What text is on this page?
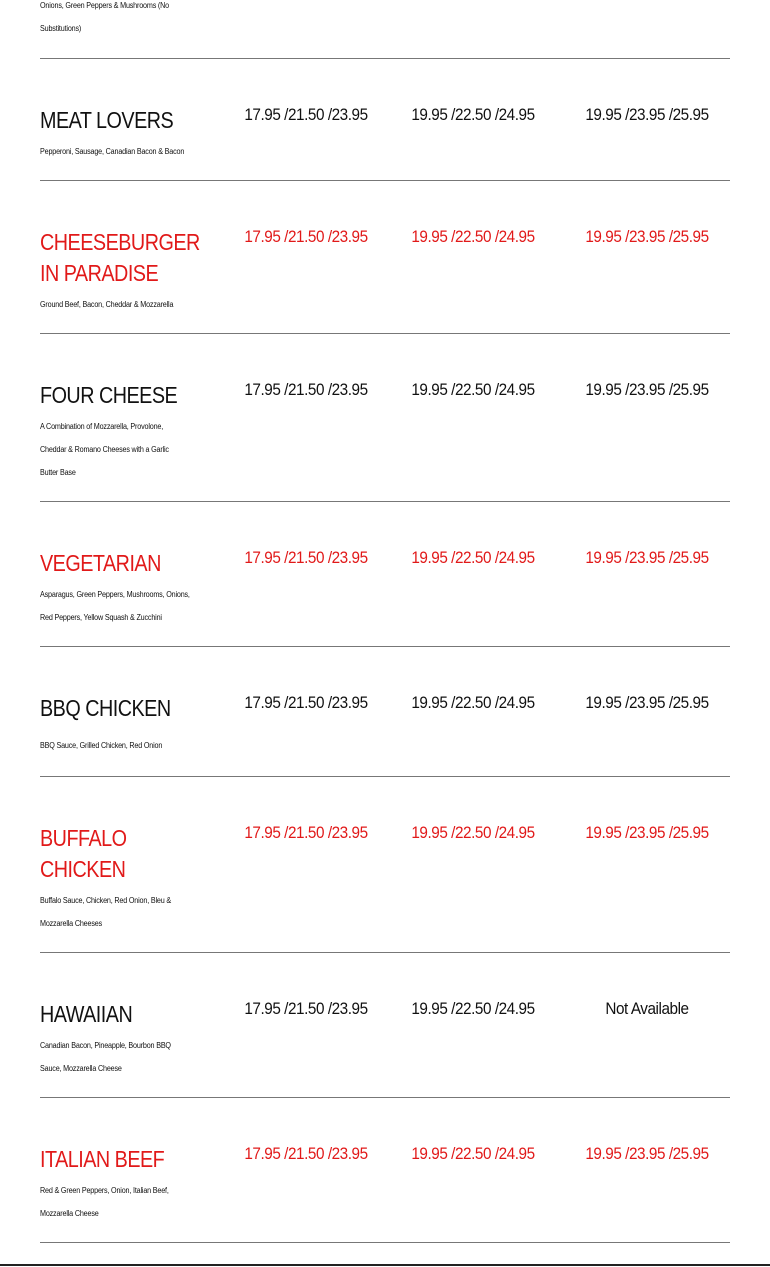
Onions, Green Peppers & Mushrooms (No
Substitutions)
MEAT LOVERS
Pepperoni, Sausage, Canadian Bacon & Bacon
17.95 /21.50 /23.95	19.95 /22.50 /24.95	19.95 /23.95 /25.95
CHEESEBURGER IN PARADISE
Ground Beef, Bacon, Cheddar & Mozzarella
17.95 /21.50 /23.95	19.95 /22.50 /24.95	19.95 /23.95 /25.95
FOUR CHEESE
A Combination of Mozzarella, Provolone,
Cheddar & Romano Cheeses with a Garlic
Butter Base
17.95 /21.50 /23.95	19.95 /22.50 /24.95	19.95 /23.95 /25.95
VEGETARIAN
Asparagus, Green Peppers, Mushrooms, Onions,
Red Peppers, Yellow Squash & Zucchini
17.95 /21.50 /23.95	19.95 /22.50 /24.95	19.95 /23.95 /25.95
BBQ CHICKEN
BBQ Sauce, Grilled Chicken, Red Onion
17.95 /21.50 /23.95	19.95 /22.50 /24.95	19.95 /23.95 /25.95
BUFFALO CHICKEN
Buffalo Sauce, Chicken, Red Onion, Bleu &
Mozzarella Cheeses
17.95 /21.50 /23.95	19.95 /22.50 /24.95	19.95 /23.95 /25.95
HAWAIIAN
Canadian Bacon, Pineapple, Bourbon BBQ
Sauce, Mozzarella Cheese
17.95 /21.50 /23.95	19.95 /22.50 /24.95	Not Available
ITALIAN BEEF
Red & Green Peppers, Onion, Italian Beef,
Mozzarella Cheese
17.95 /21.50 /23.95	19.95 /22.50 /24.95	19.95 /23.95 /25.95
